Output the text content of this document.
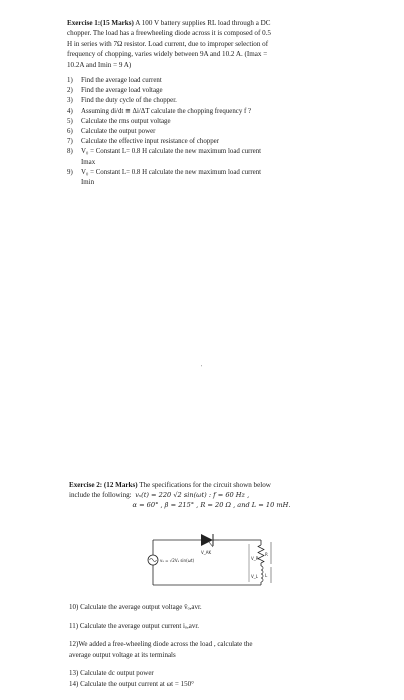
Exercise 1:(15 Marks) A 100 V battery supplies RL load through a DC

chopper. The load has a freewheeling diode across it is composed of 0.5

H in series with 7Ω resistor. Load current, due to improper selection of

frequency of chopping, varies widely between 9A and 10.2 A. (Imax =

10.2A and Imin = 9 A)

1) Find the average load current
2) Find the average load voltage
3) Find the duty cycle of the chopper.
4) Assuming di/dt ≅ Δi/ΔT calculate the chopping frequency f ?
5) Calculate the rms output voltage
6) Calculate the output power
7) Calculate the effective input resistance of chopper
8) V₀ = Constant L= 0.8 H calculate the new maximum load current
Imax
9) V₀ = Constant L= 0.8 H calculate the new maximum load current
Imin
'

Exercise 2: (12 Marks) The specifications for the circuit shown below

include the following: vₛ(t) = 220 √2 sin(ωt) : f = 60 Hz ,

α = 60° , β = 215° , R = 20 Ω , and L = 10 mH.

vₛ = √2Vₛ sin(ωt)
V_AK	R
L
V_R
V_L

10) Calculate the average output voltage v̄ₒ,avr.

11) Calculate the average output current iₒ,avr.

12)We added a free-wheeling diode across the load , calculate the

average output voltage at its terminals

13) Calculate dc output power

14) Calculate the output current at ωt = 150°
